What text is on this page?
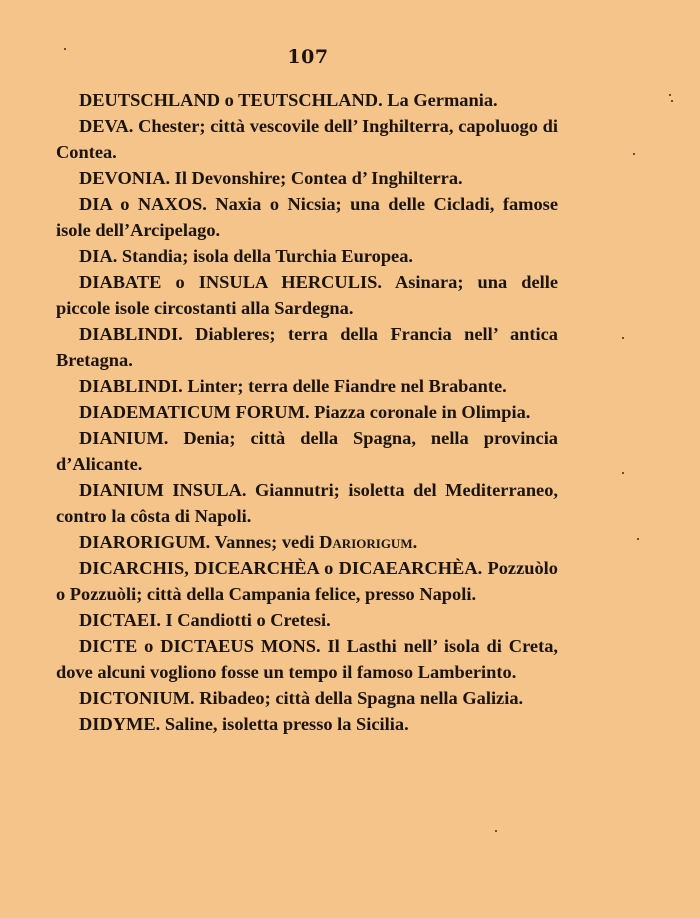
107

DEUTSCHLAND o TEUTSCHLAND. La Germania.

DEVA. Chester; città vescovile dell’ Inghilterra, capoluogo di Contea.

DEVONIA. Il Devonshire; Contea d’ Inghilterra.

DIA o NAXOS. Naxia o Nicsia; una delle Cicladi, famose isole dell’Arcipelago.

DIA. Standia; isola della Turchia Europea.

DIABATE o INSULA HERCULIS. Asinara; una delle piccole isole circostanti alla Sardegna.

DIABLINDI. Diableres; terra della Francia nell’ antica Bretagna.

DIABLINDI. Linter; terra delle Fiandre nel Brabante.

DIADEMATICUM FORUM. Piazza coronale in Olimpia.

DIANIUM. Denia; città della Spagna, nella provincia d’Alicante.

DIANIUM INSULA. Giannutri; isoletta del Mediterraneo, contro la côsta di Napoli.

DIARORIGUM. Vannes; vedi Dariorigum.

DICARCHIS, DICEARCHÈA o DICAEARCHÈA. Pozzuòlo o Pozzuòli; città della Campania felice, presso Napoli.

DICTAEI. I Candiotti o Cretesi.

DICTE o DICTAEUS MONS. Il Lasthi nell’ isola di Creta, dove alcuni vogliono fosse un tempo il famoso Lamberinto.

DICTONIUM. Ribadeo; città della Spagna nella Galizia.

DIDYME. Saline, isoletta presso la Sicilia.
